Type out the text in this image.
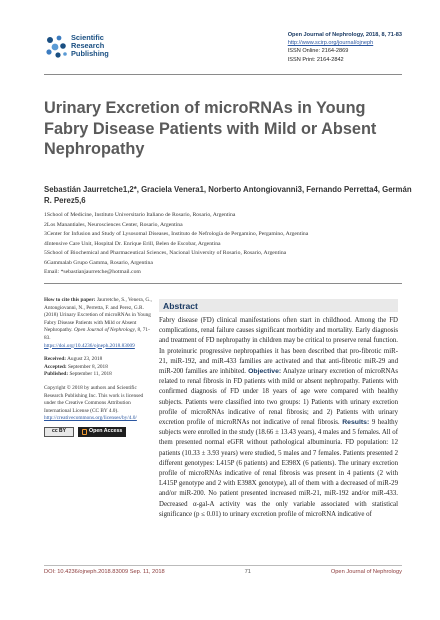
Scientific
Research
Publishing
Open Journal of Nephrology, 2018, 8, 71-83
http://www.scirp.org/journal/ojneph
ISSN Online: 2164-2869
ISSN Print: 2164-2842
Urinary Excretion of microRNAs in Young Fabry Disease Patients with Mild or Absent Nephropathy
Sebastián Jaurretche1,2*, Graciela Venera1, Norberto Antongiovanni3, Fernando Perretta4, Germán R. Perez5,6
1School of Medicine, Instituto Universitario Italiano de Rosario, Rosario, Argentina
2Los Manantiales, Neurosciences Center, Rosario, Argentina
3Center for Infusion and Study of Lysosomal Diseases, Instituto de Nefrología de Pergamino, Pergamino, Argentina
4Intensive Care Unit, Hospital Dr. Enrique Erill, Belen de Escobar, Argentina
5School of Biochemical and Pharmaceutical Sciences, Nacional University of Rosario, Rosario, Argentina
6Gammalab Grupo Gamma, Rosario, Argentina
Email: *sebastianjaurretche@hotmail.com
How to cite this paper: Jaurretche, S., Venera, G., Antongiovanni, N., Perretta, F. and Perez, G.R. (2018) Urinary Excretion of microRNAs in Young Fabry Disease Patients with Mild or Absent Nephropathy. Open Journal of Nephrology, 8, 71-83.
https://doi.org/10.4236/ojneph.2018.83009
Received: August 23, 2018
Accepted: September 8, 2018
Published: September 11, 2018
Copyright © 2018 by authors and Scientific Research Publishing Inc. This work is licensed under the Creative Commons Attribution International License (CC BY 4.0).
http://creativecommons.org/licenses/by/4.0/
cc BY	Open Access
Abstract
Fabry disease (FD) clinical manifestations often start in childhood. Among the FD complications, renal failure causes significant morbidity and mortality. Early diagnosis and treatment of FD nephropathy in children may be critical to preserve renal function. In proteinuric progressive nephropathies it has been described that pro-fibrotic miR-21, miR-192, and miR-433 families are activated and that anti-fibrotic miR-29 and miR-200 families are inhibited. Objective: Analyze urinary excretion of microRNAs related to renal fibrosis in FD patients with mild or absent nephropathy. Patients with confirmed diagnosis of FD under 18 years of age were compared with healthy subjects. Patients were classified into two groups: 1) Patients with urinary excretion profile of microRNAs indicative of renal fibrosis; and 2) Patients with urinary excretion profile of microRNAs not indicative of renal fibrosis. Results: 9 healthy subjects were enrolled in the study (18.66 ± 13.43 years), 4 males and 5 females. All of them presented normal eGFR without pathological albuminuria. FD population: 12 patients (10.33 ± 3.93 years) were studied, 5 males and 7 females. Patients presented 2 different genotypes: L415P (6 patients) and E398X (6 patients). The urinary excretion profile of microRNAs indicative of renal fibrosis was present in 4 patients (2 with L415P genotype and 2 with E398X genotype), all of them with a decreased of miR-29 and/or miR-200. No patient presented increased miR-21, miR-192 and/or miR-433. Decreased α-gal-A activity was the only variable associated with statistical significance (p ≤ 0.01) to urinary excretion profile of microRNA indicative of
DOI: 10.4236/ojneph.2018.83009 Sep. 11, 2018	71	Open Journal of Nephrology
